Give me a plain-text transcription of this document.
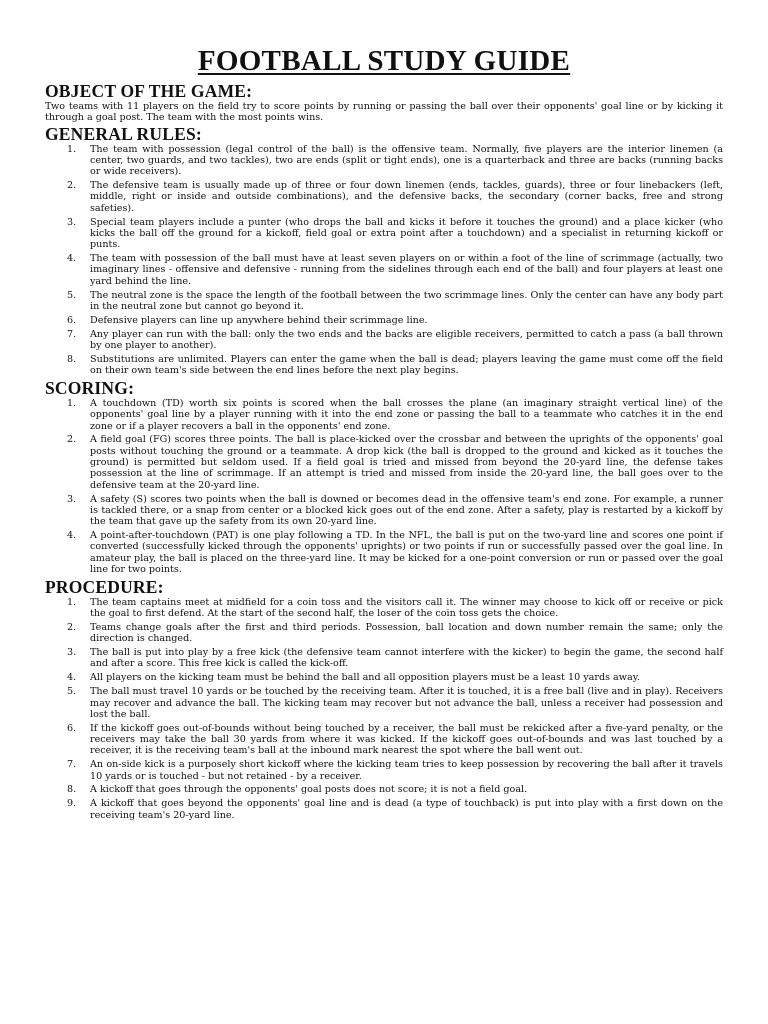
FOOTBALL STUDY GUIDE
OBJECT OF THE GAME:

Two teams with 11 players on the field try to score points by running or passing the ball over their opponents' goal line or by kicking it through a goal post. The team with the most points wins.

GENERAL RULES:
1. The team with possession (legal control of the ball) is the offensive team. Normally, five players are the interior linemen (a center, two guards, and two tackles), two are ends (split or tight ends), one is a quarterback and three are backs (running backs or wide receivers).
2. The defensive team is usually made up of three or four down linemen (ends, tackles, guards), three or four linebackers (left, middle, right or inside and outside combinations), and the defensive backs, the secondary (corner backs, free and strong safeties).
3. Special team players include a punter (who drops the ball and kicks it before it touches the ground) and a place kicker (who kicks the ball off the ground for a kickoff, field goal or extra point after a touchdown) and a specialist in returning kickoff or punts.
4. The team with possession of the ball must have at least seven players on or within a foot of the line of scrimmage (actually, two imaginary lines - offensive and defensive - running from the sidelines through each end of the ball) and four players at least one yard behind the line.
5. The neutral zone is the space the length of the football between the two scrimmage lines. Only the center can have any body part in the neutral zone but cannot go beyond it.
6. Defensive players can line up anywhere behind their scrimmage line.
7. Any player can run with the ball: only the two ends and the backs are eligible receivers, permitted to catch a pass (a ball thrown by one player to another).
8. Substitutions are unlimited. Players can enter the game when the ball is dead; players leaving the game must come off the field on their own team's side between the end lines before the next play begins.
SCORING:
1. A touchdown (TD) worth six points is scored when the ball crosses the plane (an imaginary straight vertical line) of the opponents' goal line by a player running with it into the end zone or passing the ball to a teammate who catches it in the end zone or if a player recovers a ball in the opponents' end zone.
2. A field goal (FG) scores three points. The ball is place-kicked over the crossbar and between the uprights of the opponents' goal posts without touching the ground or a teammate. A drop kick (the ball is dropped to the ground and kicked as it touches the ground) is permitted but seldom used. If a field goal is tried and missed from beyond the 20-yard line, the defense takes possession at the line of scrimmage. If an attempt is tried and missed from inside the 20-yard line, the ball goes over to the defensive team at the 20-yard line.
3. A safety (S) scores two points when the ball is downed or becomes dead in the offensive team's end zone. For example, a runner is tackled there, or a snap from center or a blocked kick goes out of the end zone. After a safety, play is restarted by a kickoff by the team that gave up the safety from its own 20-yard line.
4. A point-after-touchdown (PAT) is one play following a TD. In the NFL, the ball is put on the two-yard line and scores one point if converted (successfully kicked through the opponents' uprights) or two points if run or successfully passed over the goal line. In amateur play, the ball is placed on the three-yard line. It may be kicked for a one-point conversion or run or passed over the goal line for two points.
PROCEDURE:
1. The team captains meet at midfield for a coin toss and the visitors call it. The winner may choose to kick off or receive or pick the goal to first defend. At the start of the second half, the loser of the coin toss gets the choice.
2. Teams change goals after the first and third periods. Possession, ball location and down number remain the same; only the direction is changed.
3. The ball is put into play by a free kick (the defensive team cannot interfere with the kicker) to begin the game, the second half and after a score. This free kick is called the kick-off.
4. All players on the kicking team must be behind the ball and all opposition players must be a least 10 yards away.
5. The ball must travel 10 yards or be touched by the receiving team. After it is touched, it is a free ball (live and in play). Receivers may recover and advance the ball. The kicking team may recover but not advance the ball, unless a receiver had possession and lost the ball.
6. If the kickoff goes out-of-bounds without being touched by a receiver, the ball must be rekicked after a five-yard penalty, or the receivers may take the ball 30 yards from where it was kicked. If the kickoff goes out-of-bounds and was last touched by a receiver, it is the receiving team's ball at the inbound mark nearest the spot where the ball went out.
7. An on-side kick is a purposely short kickoff where the kicking team tries to keep possession by recovering the ball after it travels 10 yards or is touched - but not retained - by a receiver.
8. A kickoff that goes through the opponents' goal posts does not score; it is not a field goal.
9. A kickoff that goes beyond the opponents' goal line and is dead (a type of touchback) is put into play with a first down on the receiving team's 20-yard line.
